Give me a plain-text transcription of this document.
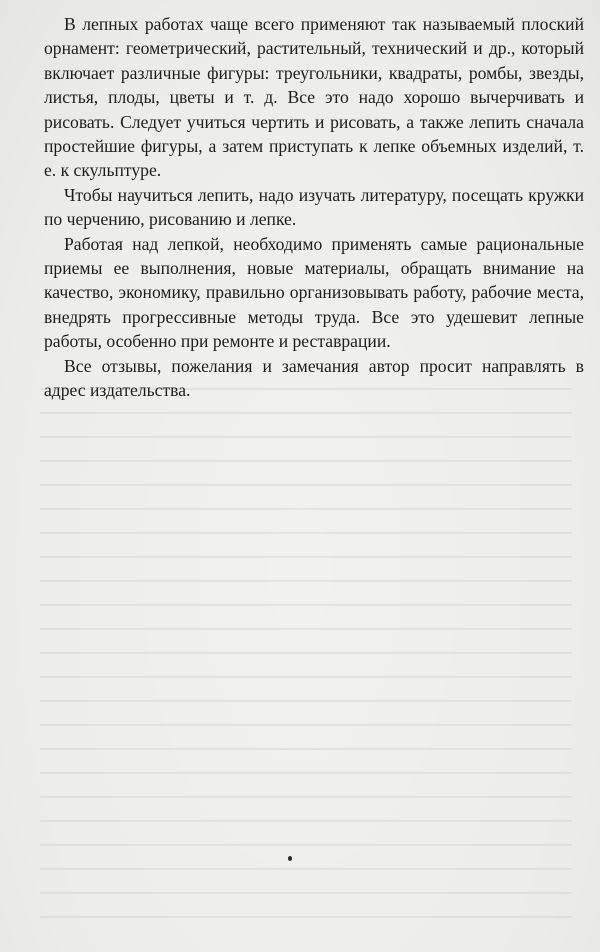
В лепных работах чаще всего применяют так называемый плоский орнамент: геометрический, растительный, технический и др., который включает различные фигуры: треугольники, квадраты, ромбы, звезды, листья, плоды, цветы и т. д. Все это надо хорошо вычерчивать и рисовать. Следует учиться чертить и рисовать, а также лепить сначала простейшие фигуры, а затем приступать к лепке объемных изделий, т. е. к скульптуре.

Чтобы научиться лепить, надо изучать литературу, посещать кружки по черчению, рисованию и лепке.

Работая над лепкой, необходимо применять самые рациональные приемы ее выполнения, новые материалы, обращать внимание на качество, экономику, правильно организовывать работу, рабочие места, внедрять прогрессивные методы труда. Все это удешевит лепные работы, особенно при ремонте и реставрации.

Все отзывы, пожелания и замечания автор просит направлять в адрес издательства.
